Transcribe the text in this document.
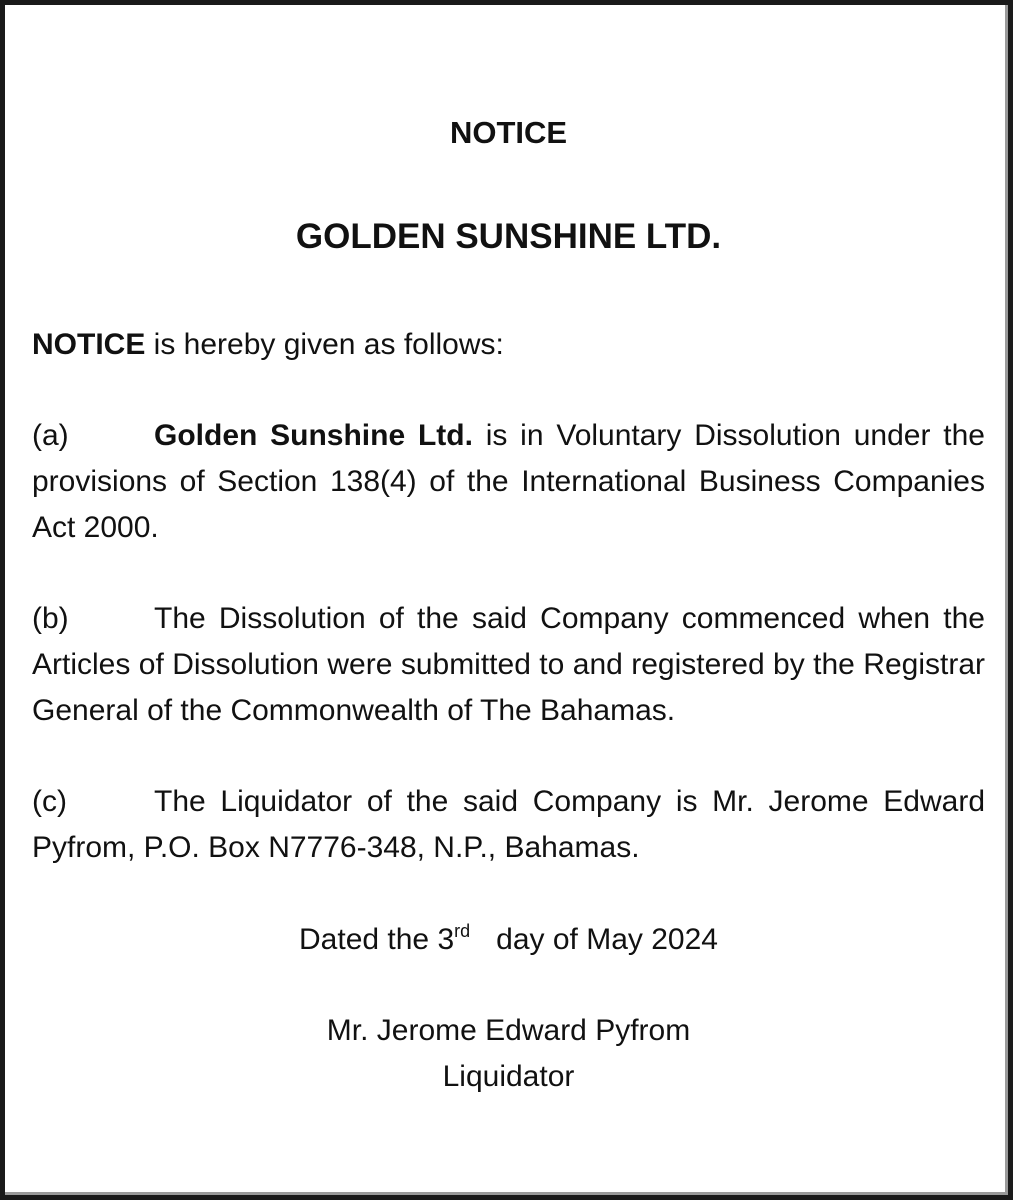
NOTICE

GOLDEN SUNSHINE LTD.

NOTICE is hereby given as follows:

(a)	Golden Sunshine Ltd. is in Voluntary Dissolution under the provisions of Section 138(4) of the International Business Companies Act 2000.

(b)	The Dissolution of the said Company commenced when the Articles of Dissolution were submitted to and registered by the Registrar General of the Commonwealth of The Bahamas.

(c)	The Liquidator of the said Company is Mr. Jerome Edward Pyfrom, P.O. Box N7776-348, N.P., Bahamas.

Dated the 3rd day of May 2024

Mr. Jerome Edward Pyfrom
Liquidator
